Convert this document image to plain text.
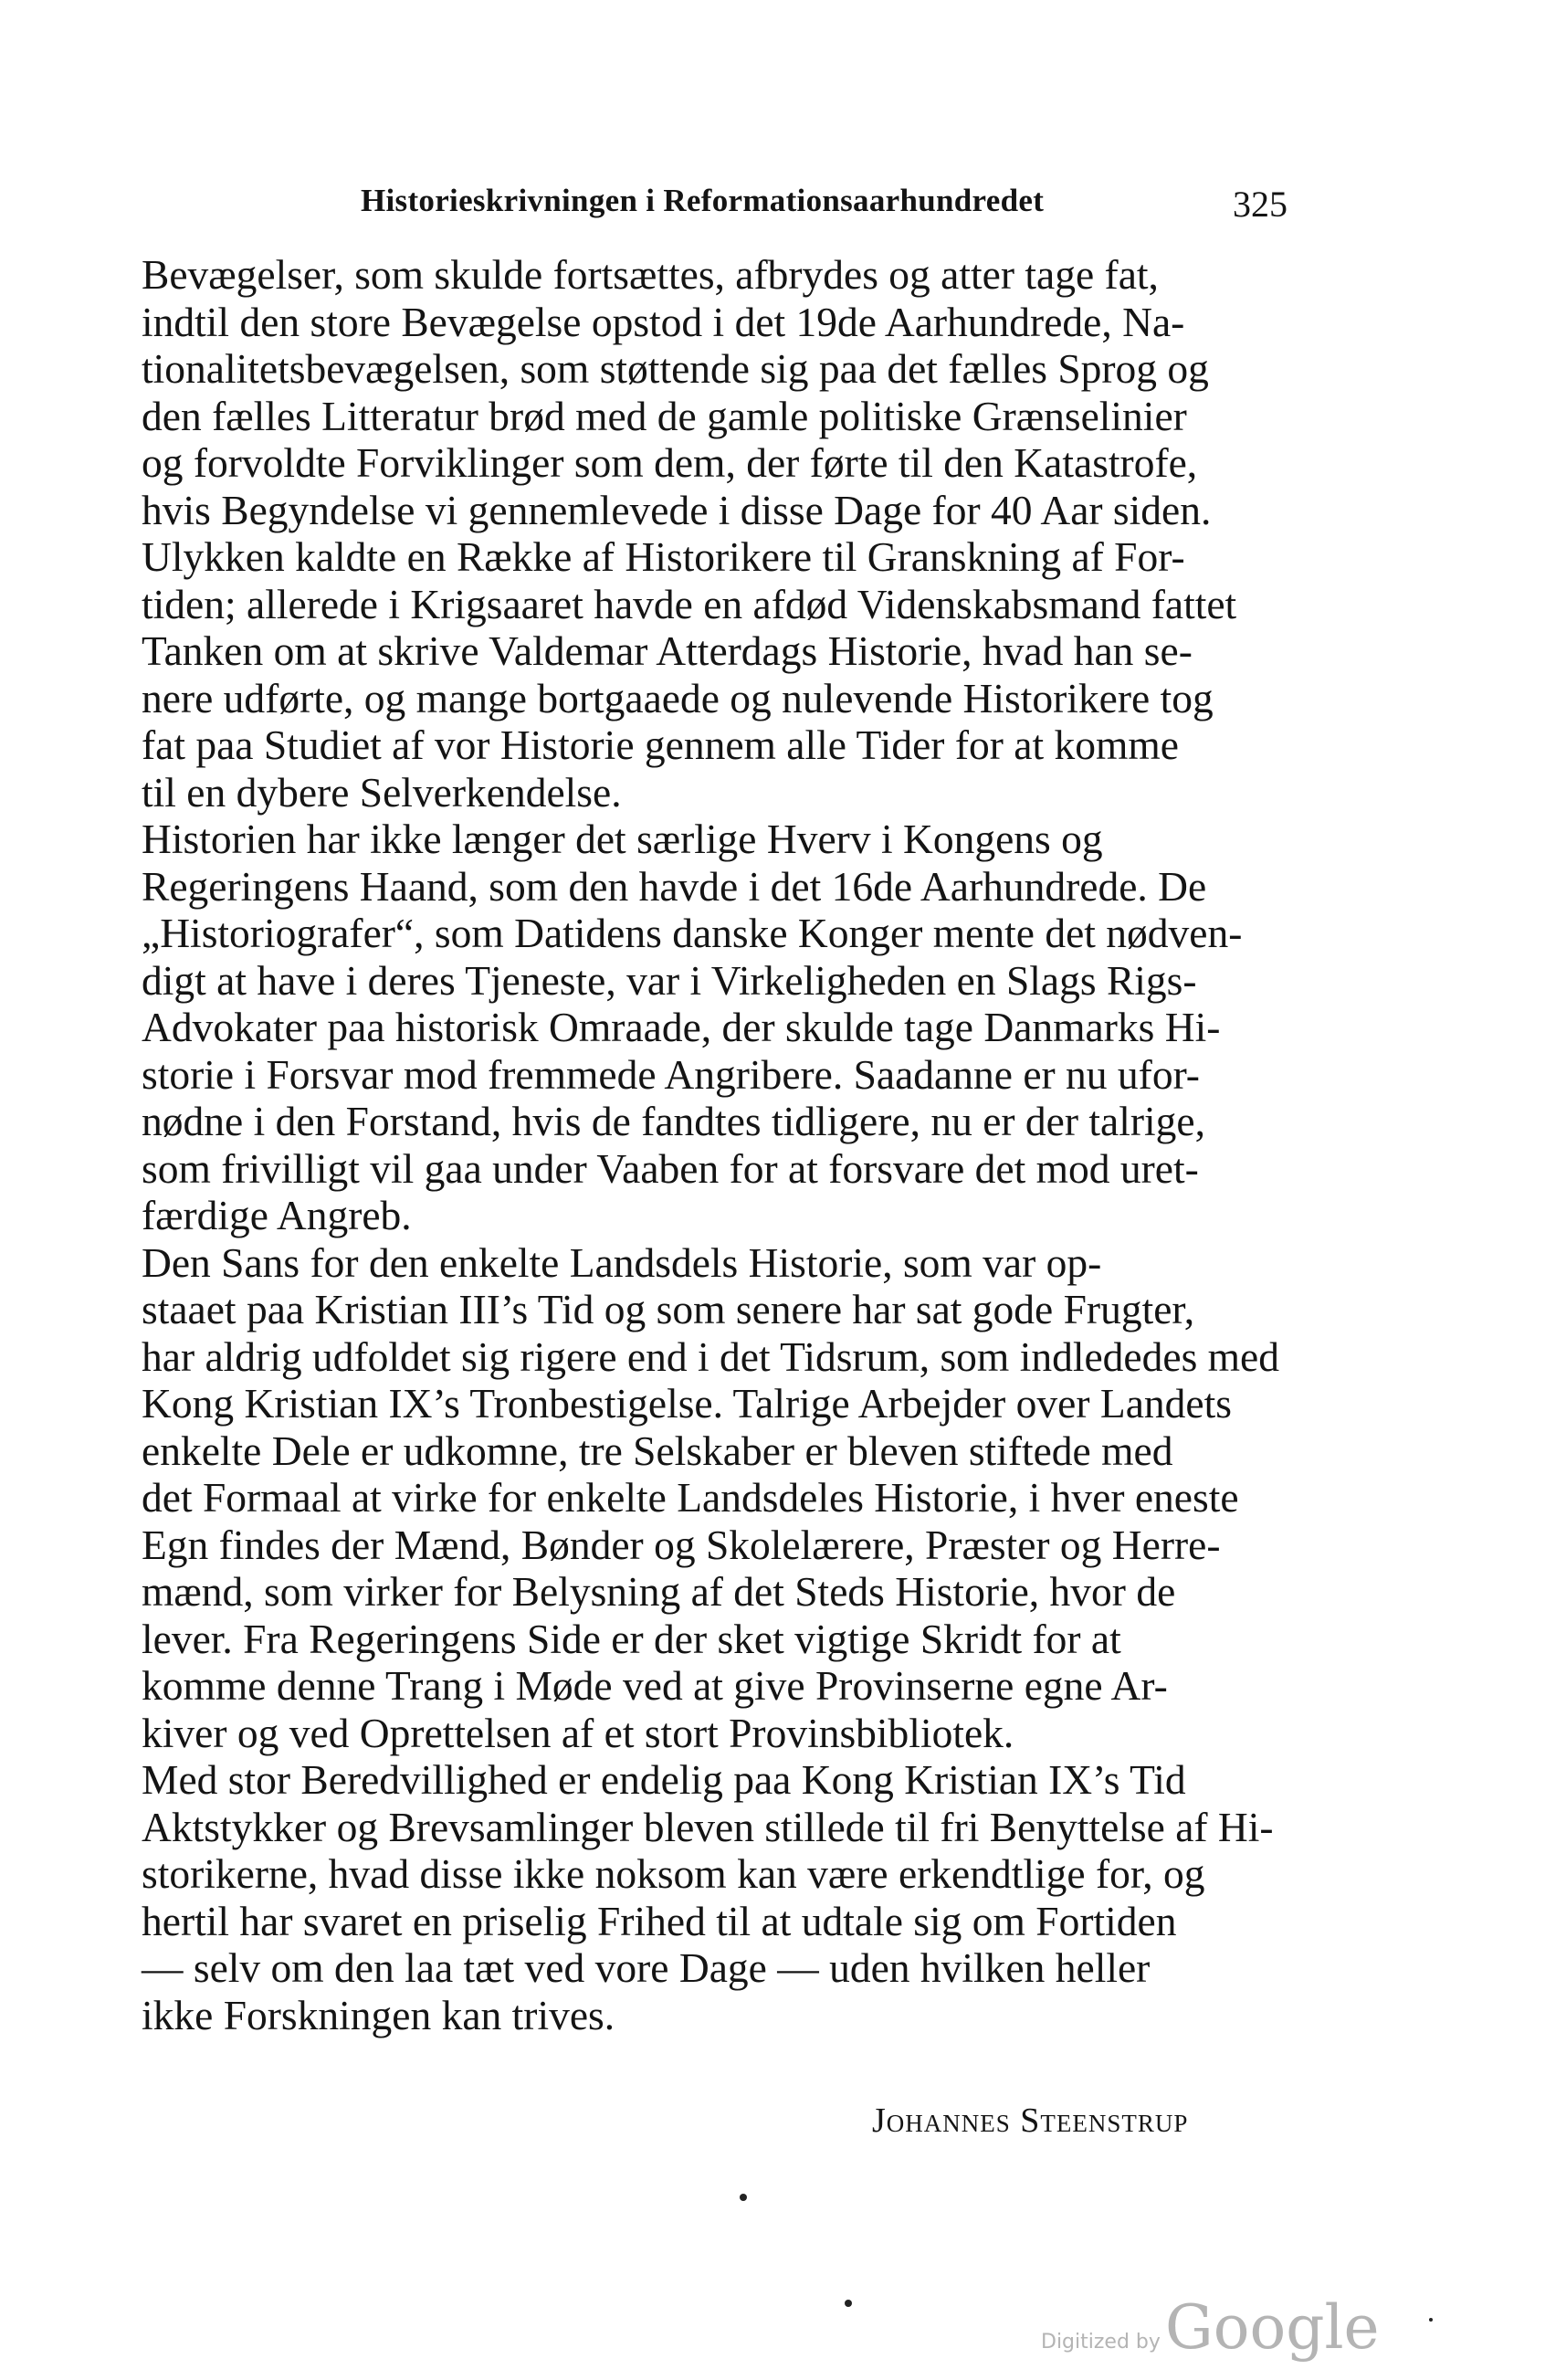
Historieskrivningen i Reformationsaarhundredet	325
Bevægelser, som skulde fortsættes, afbrydes og atter tage fat,
indtil den store Bevægelse opstod i det 19de Aarhundrede, Na-
tionalitetsbevægelsen, som støttende sig paa det fælles Sprog og
den fælles Litteratur brød med de gamle politiske Grænselinier
og forvoldte Forviklinger som dem, der førte til den Katastrofe,
hvis Begyndelse vi gennemlevede i disse Dage for 40 Aar siden.
Ulykken kaldte en Række af Historikere til Granskning af For-
tiden; allerede i Krigsaaret havde en afdød Videnskabsmand fattet
Tanken om at skrive Valdemar Atterdags Historie, hvad han se-
nere udførte, og mange bortgaaede og nulevende Historikere tog
fat paa Studiet af vor Historie gennem alle Tider for at komme
til en dybere Selverkendelse.
Historien har ikke længer det særlige Hverv i Kongens og
Regeringens Haand, som den havde i det 16de Aarhundrede. De
„Historiografer“, som Datidens danske Konger mente det nødven-
digt at have i deres Tjeneste, var i Virkeligheden en Slags Rigs-
Advokater paa historisk Omraade, der skulde tage Danmarks Hi-
storie i Forsvar mod fremmede Angribere. Saadanne er nu ufor-
nødne i den Forstand, hvis de fandtes tidligere, nu er der talrige,
som frivilligt vil gaa under Vaaben for at forsvare det mod uret-
færdige Angreb.
Den Sans for den enkelte Landsdels Historie, som var op-
staaet paa Kristian III’s Tid og som senere har sat gode Frugter,
har aldrig udfoldet sig rigere end i det Tidsrum, som indlededes med
Kong Kristian IX’s Tronbestigelse. Talrige Arbejder over Landets
enkelte Dele er udkomne, tre Selskaber er bleven stiftede med
det Formaal at virke for enkelte Landsdeles Historie, i hver eneste
Egn findes der Mænd, Bønder og Skolelærere, Præster og Herre-
mænd, som virker for Belysning af det Steds Historie, hvor de
lever. Fra Regeringens Side er der sket vigtige Skridt for at
komme denne Trang i Møde ved at give Provinserne egne Ar-
kiver og ved Oprettelsen af et stort Provinsbibliotek.
Med stor Beredvillighed er endelig paa Kong Kristian IX’s Tid
Aktstykker og Brevsamlinger bleven stillede til fri Benyttelse af Hi-
storikerne, hvad disse ikke noksom kan være erkendtlige for, og
hertil har svaret en priselig Frihed til at udtale sig om Fortiden
— selv om den laa tæt ved vore Dage — uden hvilken heller
ikke Forskningen kan trives.
Johannes Steenstrup
Digitized by Google
